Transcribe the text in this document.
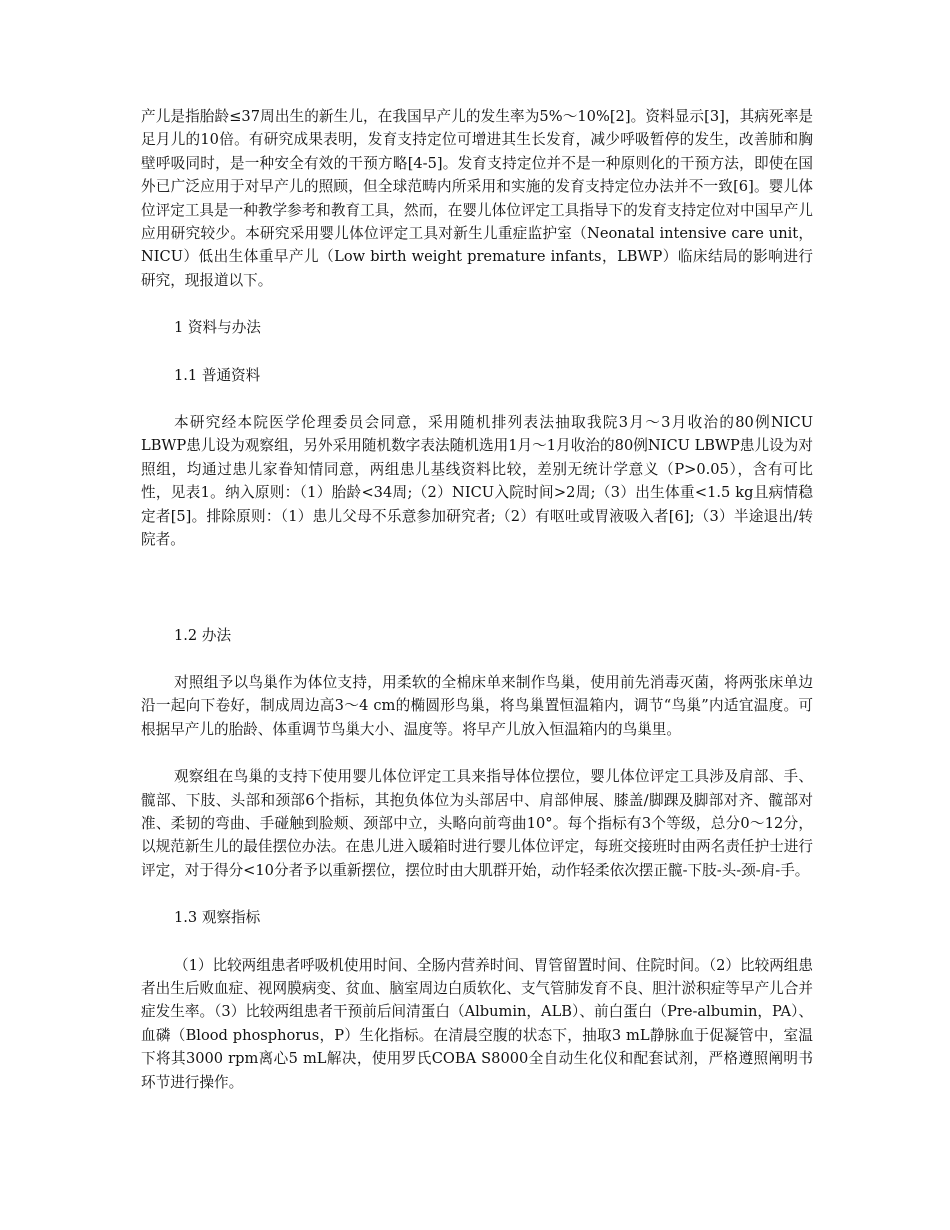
产儿是指胎龄≤37周出生的新生儿，在我国早产儿的发生率为5%～10%[2]。资料显示[3]，其病死率是足月儿的10倍。有研究成果表明，发育支持定位可增进其生长发育，减少呼吸暂停的发生，改善肺和胸壁呼吸同时，是一种安全有效的干预方略[4-5]。发育支持定位并不是一种原则化的干预方法，即使在国外已广泛应用于对早产儿的照顾，但全球范畴内所采用和实施的发育支持定位办法并不一致[6]。婴儿体位评定工具是一种教学参考和教育工具，然而，在婴儿体位评定工具指导下的发育支持定位对中国早产儿应用研究较少。本研究采用婴儿体位评定工具对新生儿重症监护室（Neonatal intensive care unit，NICU）低出生体重早产儿（Low birth weight premature infants，LBWP）临床结局的影响进行研究，现报道以下。

1 资料与办法

1.1 普通资料

本研究经本院医学伦理委员会同意，采用随机排列表法抽取我院3月～3月收治的80例NICU LBWP患儿设为观察组，另外采用随机数字表法随机选用1月～1月收治的80例NICU LBWP患儿设为对照组，均通过患儿家眷知情同意，两组患儿基线资料比较，差别无统计学意义（P>0.05），含有可比性，见表1。纳入原则：（1）胎龄<34周;（2）NICU入院时间>2周;（3）出生体重<1.5 kg且病情稳定者[5]。排除原则：（1）患儿父母不乐意参加研究者;（2）有呕吐或胃液吸入者[6];（3）半途退出/转院者。

1.2 办法

对照组予以鸟巢作为体位支持，用柔软的全棉床单来制作鸟巢，使用前先消毒灭菌，将两张床单边沿一起向下卷好，制成周边高3～4 cm的椭圆形鸟巢，将鸟巢置恒温箱内，调节“鸟巢”内适宜温度。可根据早产儿的胎龄、体重调节鸟巢大小、温度等。将早产儿放入恒温箱内的鸟巢里。

观察组在鸟巢的支持下使用婴儿体位评定工具来指导体位摆位，婴儿体位评定工具涉及肩部、手、髋部、下肢、头部和颈部6个指标，其抱负体位为头部居中、肩部伸展、膝盖/脚踝及脚部对齐、髋部对准、柔韧的弯曲、手碰触到脸颊、颈部中立，头略向前弯曲10°。每个指标有3个等级，总分0～12分，以规范新生儿的最佳摆位办法。在患儿进入暖箱时进行婴儿体位评定，每班交接班时由两名责任护士进行评定，对于得分<10分者予以重新摆位，摆位时由大肌群开始，动作轻柔依次摆正髋-下肢-头-颈-肩-手。

1.3 观察指标

（1）比较两组患者呼吸机使用时间、全肠内营养时间、胃管留置时间、住院时间。（2）比较两组患者出生后败血症、视网膜病变、贫血、脑室周边白质软化、支气管肺发育不良、胆汁淤积症等早产儿合并症发生率。（3）比较两组患者干预前后间清蛋白（Albumin，ALB）、前白蛋白（Pre-albumin，PA）、血磷（Blood phosphorus，P）生化指标。在清晨空腹的状态下，抽取3 mL静脉血于促凝管中，室温下将其3000 rpm离心5 mL解决，使用罗氏COBA S8000全自动生化仪和配套试剂，严格遵照阐明书环节进行操作。
